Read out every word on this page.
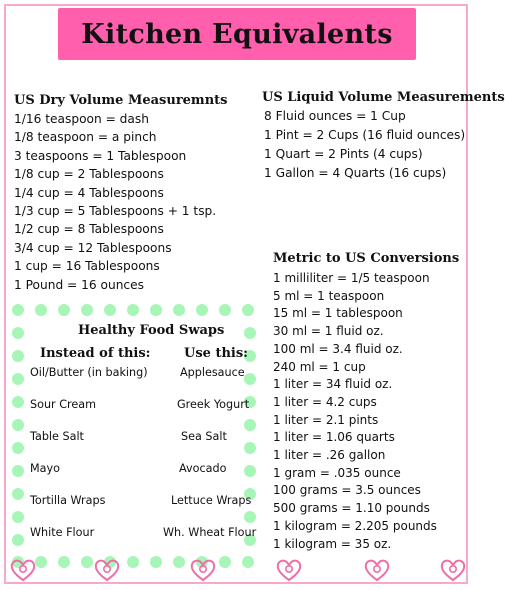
Kitchen Equivalents
US Dry Volume Measuremnts
1/16 teaspoon = dash
1/8 teaspoon = a pinch
3 teaspoons = 1 Tablespoon
1/8 cup = 2 Tablespoons
1/4 cup = 4 Tablespoons
1/3 cup = 5 Tablespoons + 1 tsp.
1/2 cup = 8 Tablespoons
3/4 cup = 12 Tablespoons
1 cup = 16 Tablespoons
1 Pound = 16 ounces
US Liquid Volume Measurements
8 Fluid ounces = 1 Cup
1 Pint = 2 Cups (16 fluid ounces)
1 Quart = 2 Pints (4 cups)
1 Gallon = 4 Quarts (16 cups)
Metric to US Conversions
1 milliliter = 1/5 teaspoon
5 ml = 1 teaspoon
15 ml = 1 tablespoon
30 ml = 1 fluid oz.
100 ml = 3.4 fluid oz.
240 ml = 1 cup
1 liter = 34 fluid oz.
1 liter = 4.2 cups
1 liter = 2.1 pints
1 liter = 1.06 quarts
1 liter = .26 gallon
1 gram = .035 ounce
100 grams = 3.5 ounces
500 grams = 1.10 pounds
1 kilogram = 2.205 pounds
1 kilogram = 35 oz.
Healthy Food Swaps
Instead of this:	Use this:
Oil/Butter (in baking)	Applesauce
Sour Cream	Greek Yogurt
Table Salt	Sea Salt
Mayo	Avocado
Tortilla Wraps	Lettuce Wraps
White Flour	Wh. Wheat Flour
